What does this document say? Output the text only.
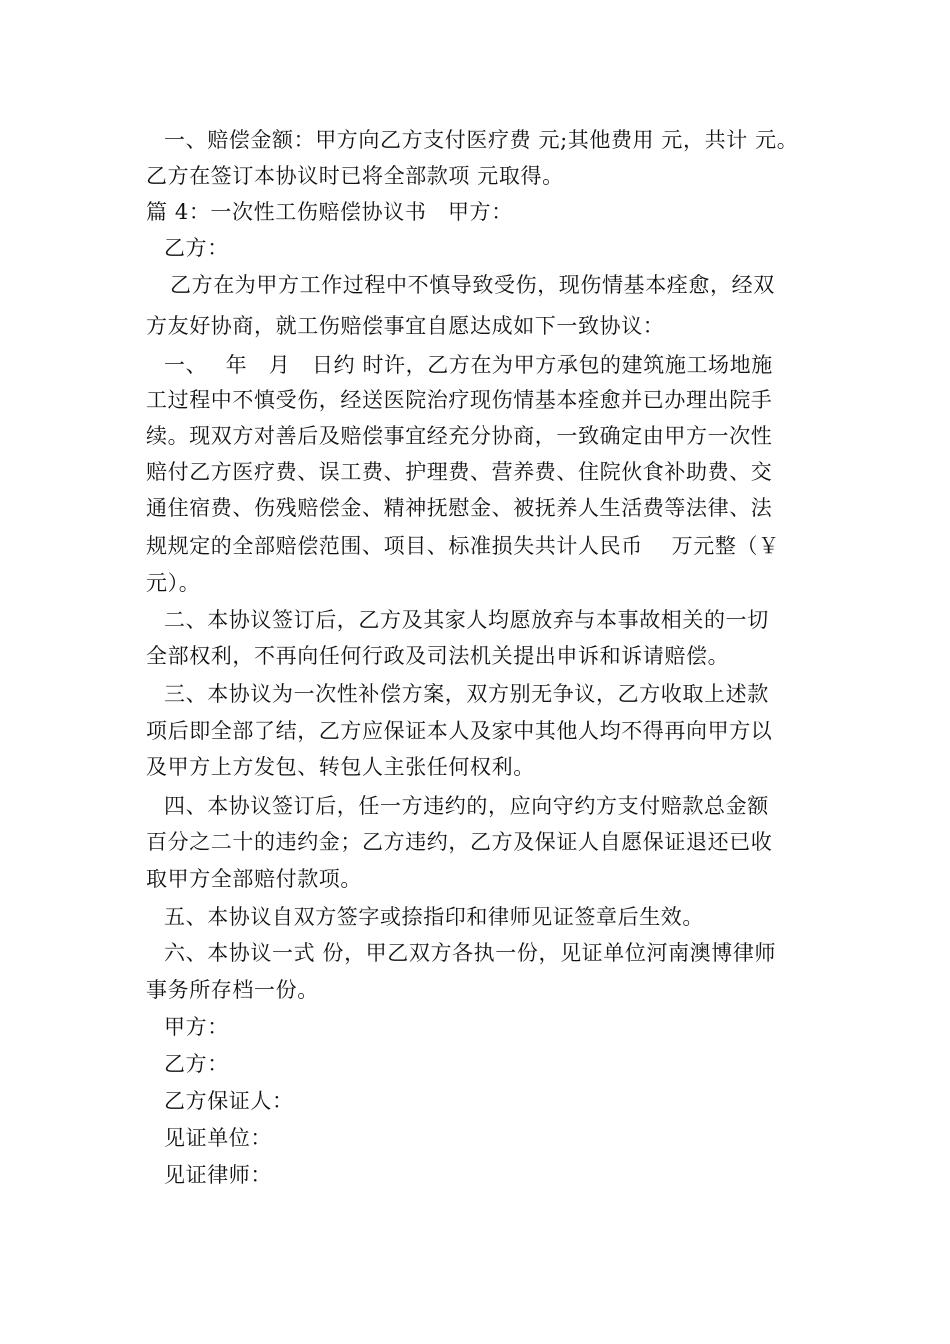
一、赔偿金额：甲方向乙方支付医疗费 元;其他费用 元，共计 元。
乙方在签订本协议时已将全部款项 元取得。
篇 4：一次性工伤赔偿协议书　甲方：
乙方：
乙方在为甲方工作过程中不慎导致受伤，现伤情基本痊愈，经双
方友好协商，就工伤赔偿事宜自愿达成如下一致协议：
一、　 年　月　日约 时许，乙方在为甲方承包的建筑施工场地施
工过程中不慎受伤，经送医院治疗现伤情基本痊愈并已办理出院手
续。现双方对善后及赔偿事宜经充分协商，一致确定由甲方一次性
赔付乙方医疗费、误工费、护理费、营养费、住院伙食补助费、交
通住宿费、伤残赔偿金、精神抚慰金、被抚养人生活费等法律、法
规规定的全部赔偿范围、项目、标准损失共计人民币　 万元整（￥
元）。
二、本协议签订后，乙方及其家人均愿放弃与本事故相关的一切
全部权利，不再向任何行政及司法机关提出申诉和诉请赔偿。
三、本协议为一次性补偿方案，双方别无争议，乙方收取上述款
项后即全部了结，乙方应保证本人及家中其他人均不得再向甲方以
及甲方上方发包、转包人主张任何权利。
四、本协议签订后，任一方违约的，应向守约方支付赔款总金额
百分之二十的违约金；乙方违约，乙方及保证人自愿保证退还已收
取甲方全部赔付款项。
五、本协议自双方签字或捺指印和律师见证签章后生效。
六、本协议一式 份，甲乙双方各执一份，见证单位河南澳博律师
事务所存档一份。
甲方：
乙方：
乙方保证人：
见证单位：
见证律师：
